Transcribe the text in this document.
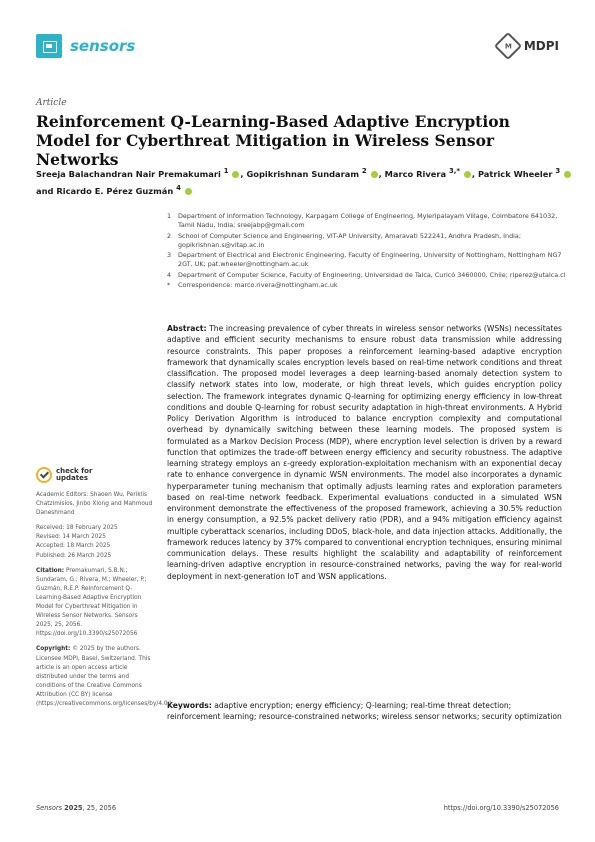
sensors	M MDPI
Article
Reinforcement Q-Learning-Based Adaptive Encryption Model for Cyberthreat Mitigation in Wireless Sensor Networks
Sreeja Balachandran Nair Premakumari $^1$ , Gopikrishnan Sundaram $^2$ , Marco Rivera $^{3,*}$ , Patrick Wheeler $^3$
and Ricardo E. Pérez Guzmán $^4$
1	Department of Information Technology, Karpagam College of Engineering, Myleripalayam Village, Coimbatore 641032, Tamil Nadu, India; sreejabp@gmail.com
2	School of Computer Science and Engineering, VIT-AP University, Amaravati 522241, Andhra Pradesh, India; gopikrishnan.s@vitap.ac.in
3	Department of Electrical and Electronic Engineering, Faculty of Engineering, University of Nottingham, Nottingham NG7 2GT, UK; pat.wheeler@nottingham.ac.uk
4	Department of Computer Science, Faculty of Engineering, Universidad de Talca, Curicó 3460000, Chile; riperez@utalca.cl
*	Correspondence: marco.rivera@nottingham.ac.uk
Abstract: The increasing prevalence of cyber threats in wireless sensor networks (WSNs) necessitates adaptive and efficient security mechanisms to ensure robust data transmission while addressing resource constraints. This paper proposes a reinforcement learning-based adaptive encryption framework that dynamically scales encryption levels based on real-time network conditions and threat classification. The proposed model leverages a deep learning-based anomaly detection system to classify network states into low, moderate, or high threat levels, which guides encryption policy selection. The framework integrates dynamic Q-learning for optimizing energy efficiency in low-threat conditions and double Q-learning for robust security adaptation in high-threat environments. A Hybrid Policy Derivation Algorithm is introduced to balance encryption complexity and computational overhead by dynamically switching between these learning models. The proposed system is formulated as a Markov Decision Process (MDP), where encryption level selection is driven by a reward function that optimizes the trade-off between energy efficiency and security robustness. The adaptive learning strategy employs an ε-greedy exploration-exploitation mechanism with an exponential decay rate to enhance convergence in dynamic WSN environments. The model also incorporates a dynamic hyperparameter tuning mechanism that optimally adjusts learning rates and exploration parameters based on real-time network feedback. Experimental evaluations conducted in a simulated WSN environment demonstrate the effectiveness of the proposed framework, achieving a 30.5% reduction in energy consumption, a 92.5% packet delivery ratio (PDR), and a 94% mitigation efficiency against multiple cyberattack scenarios, including DDoS, black-hole, and data injection attacks. Additionally, the framework reduces latency by 37% compared to conventional encryption techniques, ensuring minimal communication delays. These results highlight the scalability and adaptability of reinforcement learning-driven adaptive encryption in resource-constrained networks, paving the way for real-world deployment in next-generation IoT and WSN applications.
Keywords: adaptive encryption; energy efficiency; Q-learning; real-time threat detection; reinforcement learning; resource-constrained networks; wireless sensor networks; security optimization
check for
updates
Academic Editors: Shaoen Wu, Periklis Chatzimisios, Jinbo Xiong and Mahmoud Daneshmand
Received: 18 February 2025
Revised: 14 March 2025
Accepted: 18 March 2025
Published: 26 March 2025
Citation: Premakumari, S.B.N.; Sundaram, G.; Rivera, M.; Wheeler, P.; Guzmán, R.E.P. Reinforcement Q-Learning-Based Adaptive Encryption Model for Cyberthreat Mitigation in Wireless Sensor Networks. Sensors 2025, 25, 2056. https://doi.org/10.3390/s25072056
Copyright: © 2025 by the authors. Licensee MDPI, Basel, Switzerland. This article is an open access article distributed under the terms and conditions of the Creative Commons Attribution (CC BY) license (https://creativecommons.org/licenses/by/4.0/).
Sensors 2025, 25, 2056	https://doi.org/10.3390/s25072056
